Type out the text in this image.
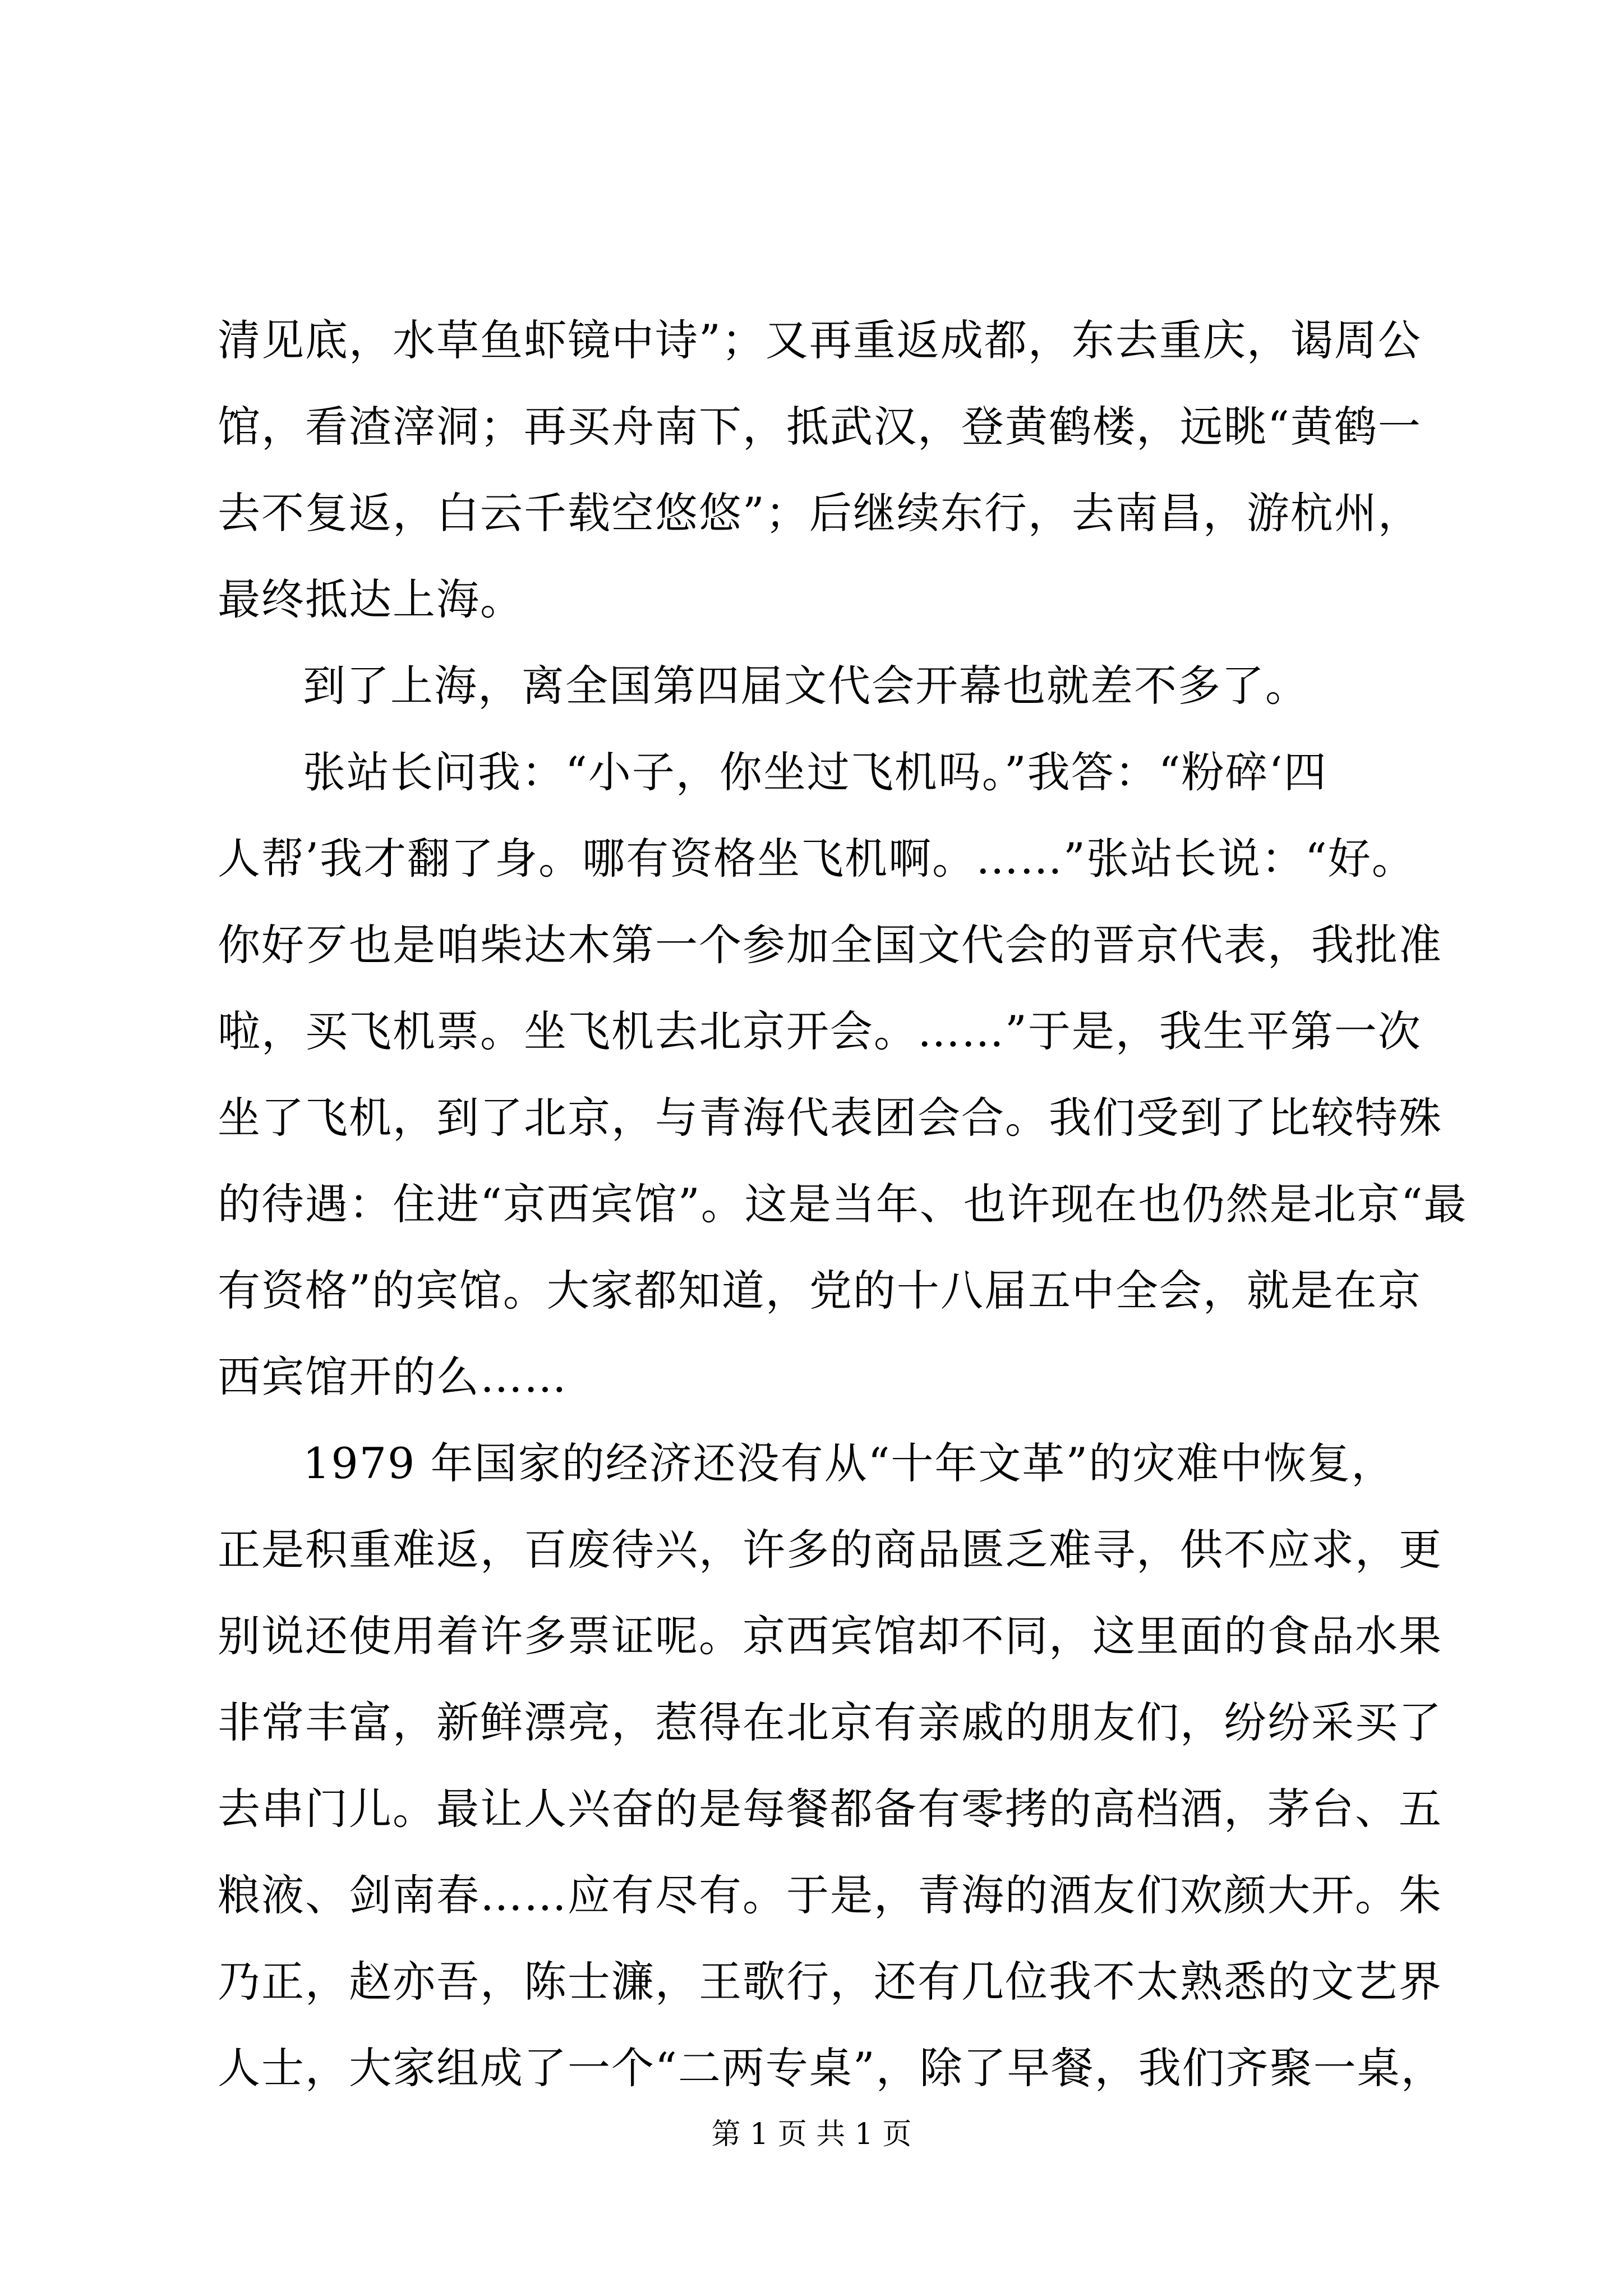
清见底，水草鱼虾镜中诗”；又再重返成都，东去重庆，谒周公
馆，看渣滓洞；再买舟南下，抵武汉，登黄鹤楼，远眺“黄鹤一
去不复返，白云千载空悠悠”；后继续东行，去南昌，游杭州，
最终抵达上海。
到了上海，离全国第四届文代会开幕也就差不多了。
张站长问我：“小子，你坐过飞机吗。”我答：“粉碎‘四
人帮’我才翻了身。哪有资格坐飞机啊。……”张站长说：“好。
你好歹也是咱柴达木第一个参加全国文代会的晋京代表，我批准
啦，买飞机票。坐飞机去北京开会。……”于是，我生平第一次
坐了飞机，到了北京，与青海代表团会合。我们受到了比较特殊
的待遇：住进“京西宾馆”。这是当年、也许现在也仍然是北京“最
有资格”的宾馆。大家都知道，党的十八届五中全会，就是在京
西宾馆开的么……
1979 年国家的经济还没有从“十年文革”的灾难中恢复，
正是积重难返，百废待兴，许多的商品匮乏难寻，供不应求，更
别说还使用着许多票证呢。京西宾馆却不同，这里面的食品水果
非常丰富，新鲜漂亮，惹得在北京有亲戚的朋友们，纷纷采买了
去串门儿。最让人兴奋的是每餐都备有零拷的高档酒，茅台、五
粮液、剑南春……应有尽有。于是，青海的酒友们欢颜大开。朱
乃正，赵亦吾，陈士濂，王歌行，还有几位我不太熟悉的文艺界
人士，大家组成了一个“二两专桌”，除了早餐，我们齐聚一桌，
第 1 页 共 1 页
